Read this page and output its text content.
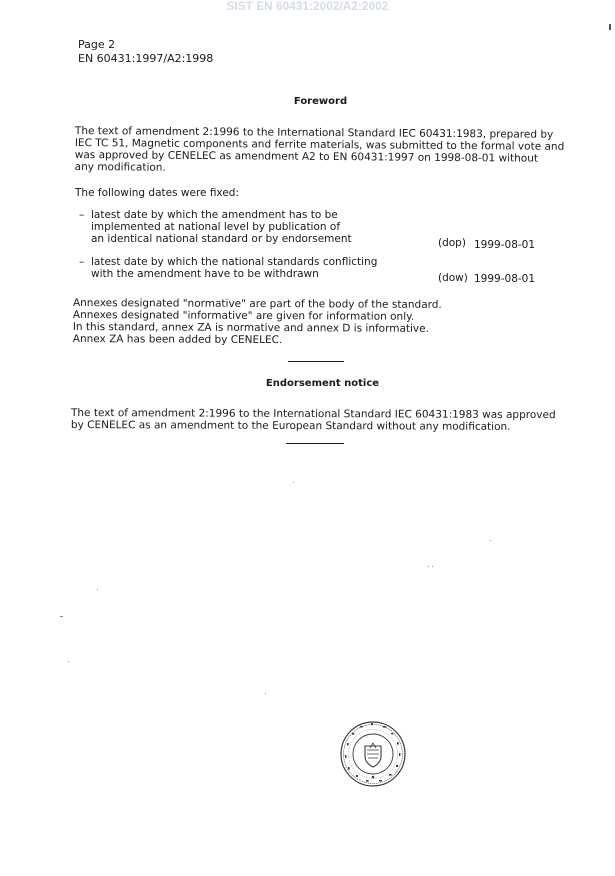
SIST EN 60431:2002/A2:2002
Page 2
EN 60431:1997/A2:1998
Foreword
The text of amendment 2:1996 to the International Standard IEC 60431:1983, prepared by
IEC TC 51, Magnetic components and ferrite materials, was submitted to the formal vote and
was approved by CENELEC as amendment A2 to EN 60431:1997 on 1998-08-01 without
any modification.
The following dates were fixed:
– latest date by which the amendment has to be
implemented at national level by publication of
an identical national standard or by endorsement	(dop) 1999-08-01
– latest date by which the national standards conflicting
with the amendment have to be withdrawn	(dow) 1999-08-01
Annexes designated "normative" are part of the body of the standard.
Annexes designated "informative" are given for information only.
In this standard, annex ZA is normative and annex D is informative.
Annex ZA has been added by CENELEC.
Endorsement notice
The text of amendment 2:1996 to the International Standard IEC 60431:1983 was approved
by CENELEC as an amendment to the European Standard without any modification.
